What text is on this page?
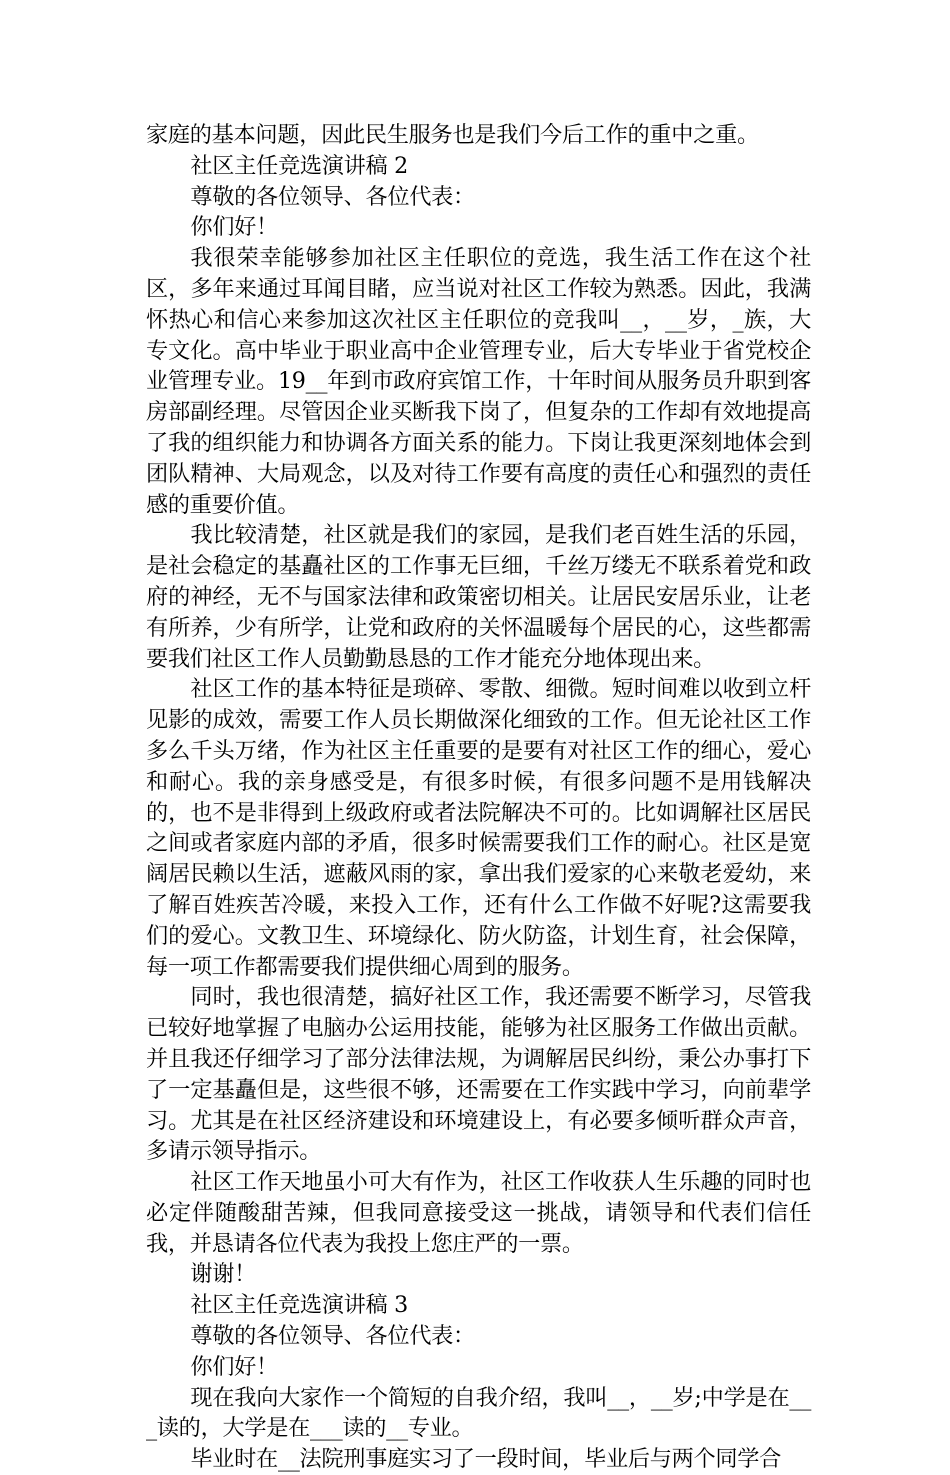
家庭的基本问题，因此民生服务也是我们今后工作的重中之重。

社区主任竞选演讲稿 2

尊敬的各位领导、各位代表：

你们好！

我很荣幸能够参加社区主任职位的竞选，我生活工作在这个社区，多年来通过耳闻目睹，应当说对社区工作较为熟悉。因此，我满怀热心和信心来参加这次社区主任职位的竞我叫__，__岁，_族，大专文化。高中毕业于职业高中企业管理专业，后大专毕业于省党校企业管理专业。19__年到市政府宾馆工作，十年时间从服务员升职到客房部副经理。尽管因企业买断我下岗了，但复杂的工作却有效地提高了我的组织能力和协调各方面关系的能力。下岗让我更深刻地体会到团队精神、大局观念，以及对待工作要有高度的责任心和强烈的责任感的重要价值。

我比较清楚，社区就是我们的家园，是我们老百姓生活的乐园，是社会稳定的基矗社区的工作事无巨细，千丝万缕无不联系着党和政府的神经，无不与国家法律和政策密切相关。让居民安居乐业，让老有所养，少有所学，让党和政府的关怀温暖每个居民的心，这些都需要我们社区工作人员勤勤恳恳的工作才能充分地体现出来。

社区工作的基本特征是琐碎、零散、细微。短时间难以收到立杆见影的成效，需要工作人员长期做深化细致的工作。但无论社区工作多么千头万绪，作为社区主任重要的是要有对社区工作的细心，爱心和耐心。我的亲身感受是，有很多时候，有很多问题不是用钱解决的，也不是非得到上级政府或者法院解决不可的。比如调解社区居民之间或者家庭内部的矛盾，很多时候需要我们工作的耐心。社区是宽阔居民赖以生活，遮蔽风雨的家，拿出我们爱家的心来敬老爱幼，来了解百姓疾苦冷暖，来投入工作，还有什么工作做不好呢?这需要我们的爱心。文教卫生、环境绿化、防火防盗，计划生育，社会保障，每一项工作都需要我们提供细心周到的服务。

同时，我也很清楚，搞好社区工作，我还需要不断学习，尽管我已较好地掌握了电脑办公运用技能，能够为社区服务工作做出贡献。并且我还仔细学习了部分法律法规，为调解居民纠纷，秉公办事打下了一定基矗但是，这些很不够，还需要在工作实践中学习，向前辈学习。尤其是在社区经济建设和环境建设上，有必要多倾听群众声音，多请示领导指示。

社区工作天地虽小可大有作为，社区工作收获人生乐趣的同时也必定伴随酸甜苦辣，但我同意接受这一挑战，请领导和代表们信任我，并恳请各位代表为我投上您庄严的一票。

谢谢！

社区主任竞选演讲稿 3

尊敬的各位领导、各位代表：

你们好！

现在我向大家作一个简短的自我介绍，我叫__，__岁;中学是在___读的，大学是在___读的__专业。

毕业时在__法院刑事庭实习了一段时间，毕业后与两个同学合
